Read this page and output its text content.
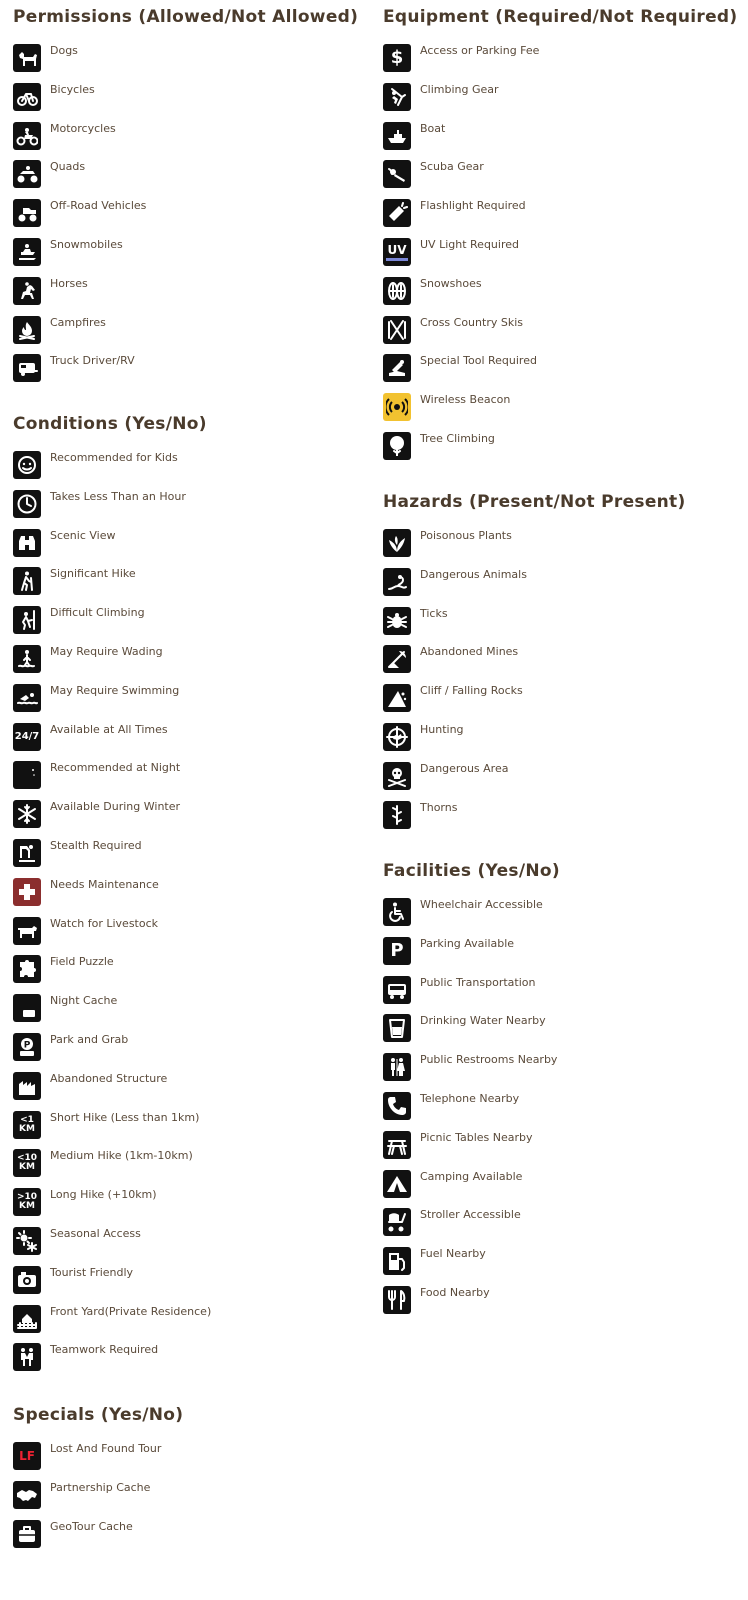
Permissions (Allowed/Not Allowed)
Dogs
Bicycles
Motorcycles
Quads
Off-Road Vehicles
Snowmobiles
Horses
Campfires
Truck Driver/RV
Conditions (Yes/No)
Recommended for Kids
Takes Less Than an Hour
Scenic View
Significant Hike
Difficult Climbing
May Require Wading
May Require Swimming
24/7
Available at All Times
Recommended at Night
Available During Winter
Stealth Required
Needs Maintenance
Watch for Livestock
Field Puzzle
Night Cache
P Park and Grab
Abandoned Structure
<1
KM
Short Hike (Less than 1km)
<10
KM
Medium Hike (1km-10km)
>10
KM
Long Hike (+10km)
Seasonal Access
Tourist Friendly
Front Yard(Private Residence)
Teamwork Required
Specials (Yes/No)
LF
Lost And Found Tour
Partnership Cache
GeoTour Cache
Equipment (Required/Not Required)
$	Access or Parking Fee
Climbing Gear
Boat
Scuba Gear
Flashlight Required
UV UV Light Required
Snowshoes
Cross Country Skis
Special Tool Required
Wireless Beacon
Tree Climbing
Hazards (Present/Not Present)
Poisonous Plants
Dangerous Animals
Ticks
Abandoned Mines
Cliff / Falling Rocks
Hunting
Dangerous Area
Thorns
Facilities (Yes/No)
Wheelchair Accessible
P	Parking Available
Public Transportation
Drinking Water Nearby
Public Restrooms Nearby
Telephone Nearby
Picnic Tables Nearby
Camping Available
Stroller Accessible
Fuel Nearby
Food Nearby
